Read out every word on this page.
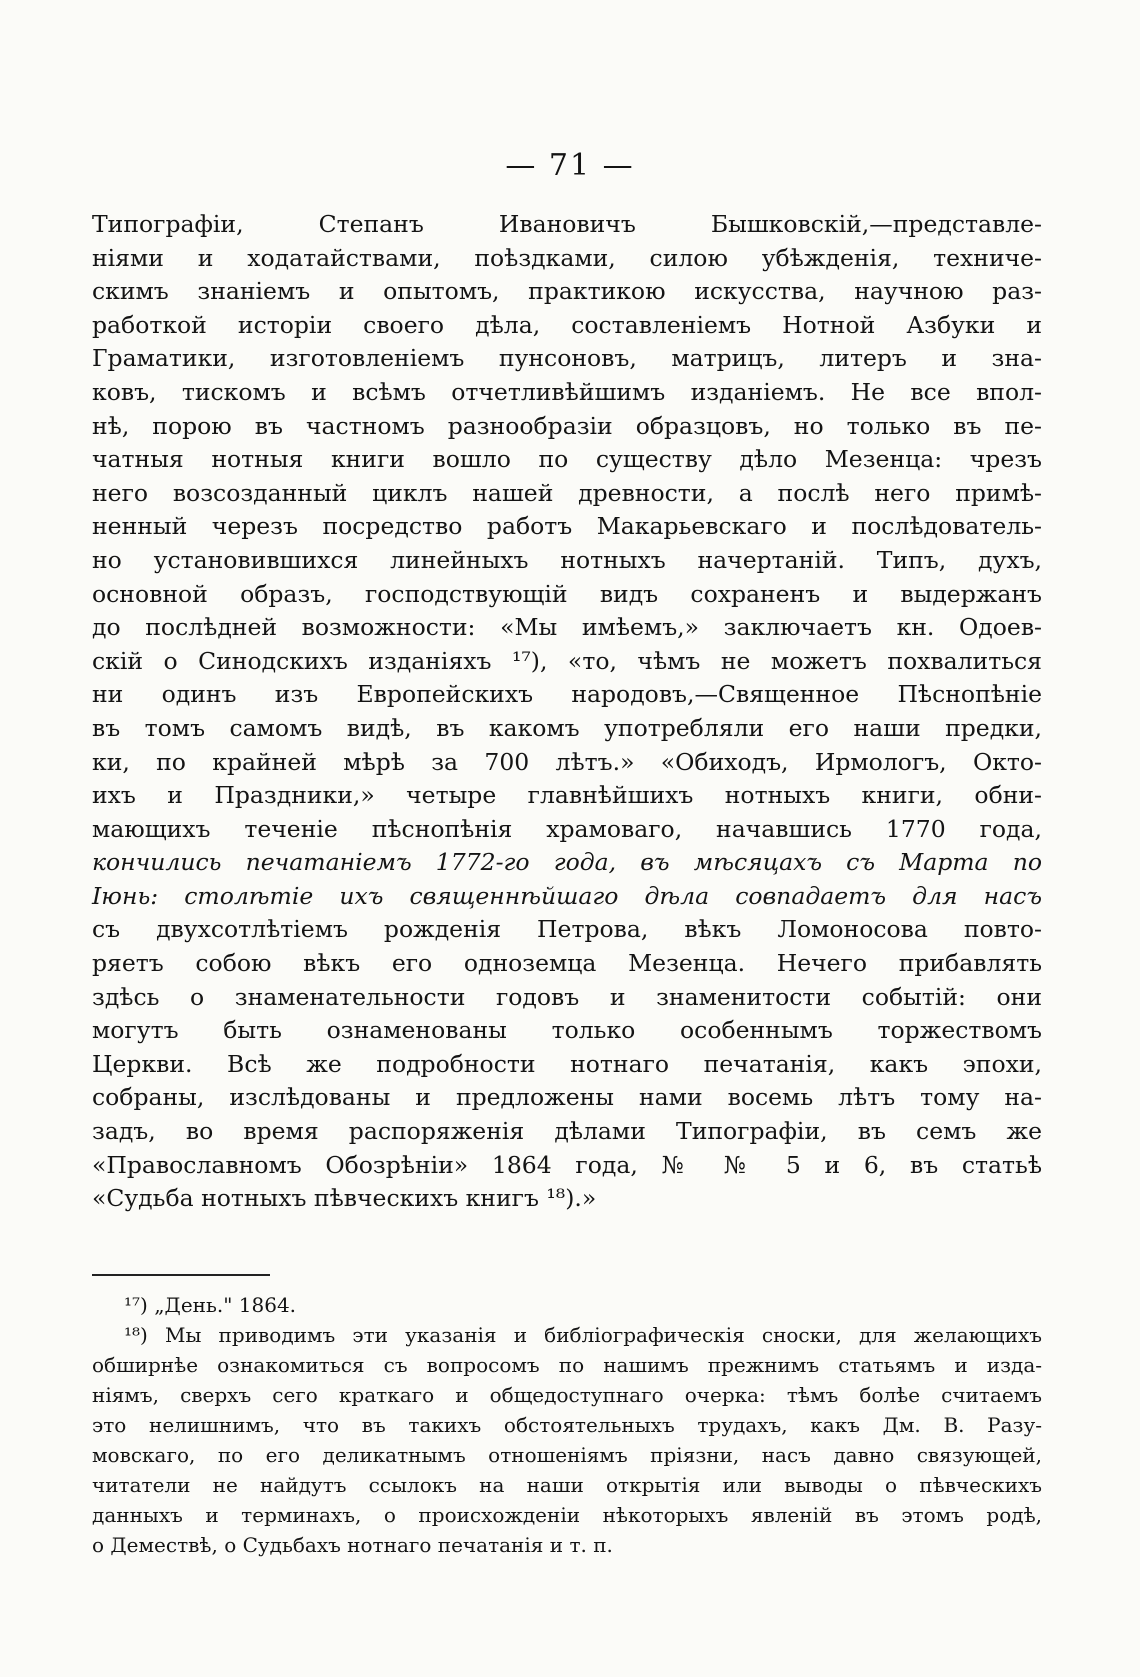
— 71 —
Типографіи, Степанъ Ивановичъ Бышковскій,—представле-
ніями и ходатайствами, поѣздками, силою убѣжденія, техниче-
скимъ знаніемъ и опытомъ, практикою искусства, научною раз-
работкой исторіи своего дѣла, составленіемъ Нотной Азбуки и
Граматики, изготовленіемъ пунсоновъ, матрицъ, литеръ и зна-
ковъ, тискомъ и всѣмъ отчетливѣйшимъ изданіемъ. Не все впол-
нѣ, порою въ частномъ разнообразіи образцовъ, но только въ пе-
чатныя нотныя книги вошло по существу дѣло Мезенца: чрезъ
него возсозданный циклъ нашей древности, а послѣ него примѣ-
ненный черезъ посредство работъ Макарьевскаго и послѣдователь-
но установившихся линейныхъ нотныхъ начертаній. Типъ, духъ,
основной образъ, господствующій видъ сохраненъ и выдержанъ
до послѣдней возможности: «Мы имѣемъ,» заключаетъ кн. Одоев-
скій о Синодскихъ изданіяхъ ¹⁷), «то, чѣмъ не можетъ похвалиться
ни одинъ изъ Европейскихъ народовъ,—Священное Пѣснопѣніе
въ томъ самомъ видѣ, въ какомъ употребляли его наши предки,
ки, по крайней мѣрѣ за 700 лѣтъ.» «Обиходъ, Ирмологъ, Октo-
ихъ и Праздники,» четыре главнѣйшихъ нотныхъ книги, обни-
мающихъ теченіе пѣснопѣнія храмоваго, начавшись 1770 года,
кончились печатаніемъ 1772-го года, въ мѣсяцахъ съ Марта по
Іюнь: столѣтіе ихъ священнѣйшаго дѣла совпадаетъ для насъ
съ двухсотлѣтіемъ рожденія Петрова, вѣкъ Ломоносова повто-
ряетъ собою вѣкъ его одноземца Мезенца. Нечего прибавлять
здѣсь о знаменательности годовъ и знаменитости событій: они
могутъ быть ознаменованы только особеннымъ торжествомъ
Церкви. Всѣ же подробности нотнаго печатанія, какъ эпохи,
собраны, изслѣдованы и предложены нами восемь лѣтъ тому на-
задъ, во время распоряженія дѣлами Типографіи, въ семъ же
«Православномъ Обозрѣніи» 1864 года, № № 5 и 6, въ статьѣ
«Судьба нотныхъ пѣвческихъ книгъ ¹⁸).»
¹⁷) „День." 1864.
¹⁸) Мы приводимъ эти указанія и библіографическія сноски, для желающихъ
обширнѣе ознакомиться съ вопросомъ по нашимъ прежнимъ статьямъ и изда-
ніямъ, сверхъ сего краткаго и общедоступнаго очерка: тѣмъ болѣе считаемъ
это нелишнимъ, что въ такихъ обстоятельныхъ трудахъ, какъ Дм. В. Разу-
мовскаго, по его деликатнымъ отношеніямъ пріязни, насъ давно связующей,
читатели не найдутъ ссылокъ на наши открытія или выводы о пѣвческихъ
данныхъ и терминахъ, о происхожденіи нѣкоторыхъ явленій въ этомъ родѣ,
о Демествѣ, о Судьбахъ нотнаго печатанія и т. п.
